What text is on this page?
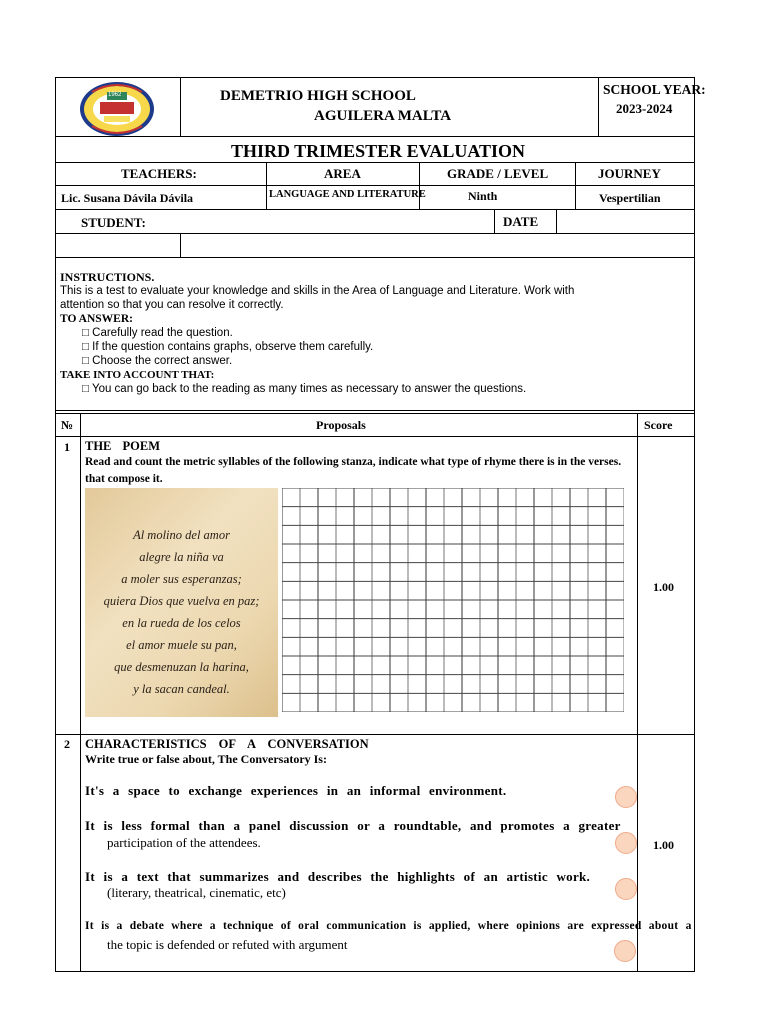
1962	DEMETRIO HIGH SCHOOL
AGUILERA MALTA
SCHOOL YEAR:
2023-2024
THIRD TRIMESTER EVALUATION
TEACHERS:	AREA	GRADE / LEVEL	JOURNEY
Lic. Susana Dávila Dávila	LANGUAGE AND LITERATURE	Ninth	Vespertilian
STUDENT:	DATE
INSTRUCTIONS.
This is a test to evaluate your knowledge and skills in the Area of Language and Literature. Work with
attention so that you can resolve it correctly.
TO ANSWER:
□ Carefully read the question.
□ If the question contains graphs, observe them carefully.
□ Choose the correct answer.
TAKE INTO ACCOUNT THAT:
□ You can go back to the reading as many times as necessary to answer the questions.
№	Proposals	Score
1 THE POEM
Read and count the metric syllables of the following stanza, indicate what type of rhyme there is in the verses.
that compose it.
Al molino del amor
alegre la niña va
a moler sus esperanzas;
quiera Dios que vuelva en paz;
en la rueda de los celos
el amor muele su pan,
que desmenuzan la harina,
y la sacan candeal.
1.00
2 CHARACTERISTICS OF A CONVERSATION
Write true or false about, The Conversatory Is:
It's a space to exchange experiences in an informal environment.
It is less formal than a panel discussion or a roundtable, and promotes a greater
participation of the attendees.
It is a text that summarizes and describes the highlights of an artistic work.
(literary, theatrical, cinematic, etc)
It is a debate where a technique of oral communication is applied, where opinions are expressed about a
the topic is defended or refuted with argument
1.00
